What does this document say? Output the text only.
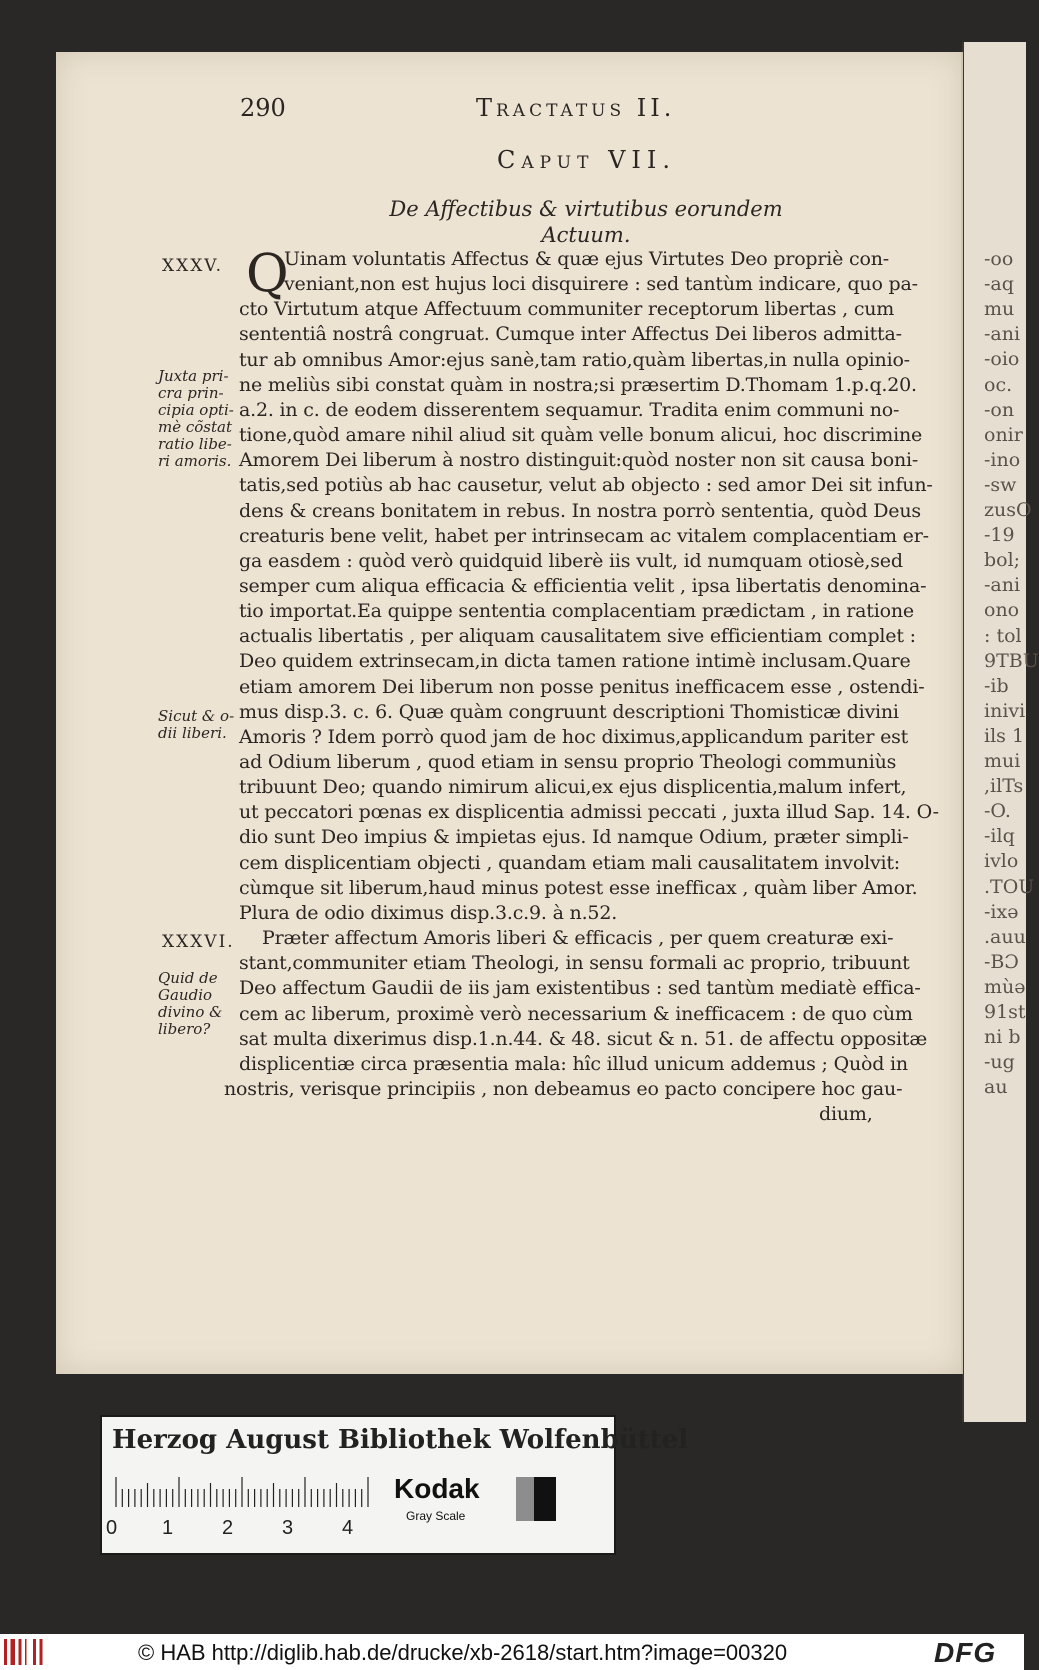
-oo
-aq
mu
-ani
-oio
oc.
-on
onir
-ino
-sw
zusO
-19
bol;
-ani
ono
: tol
9TBU
-ib
inivi
ils 1
mui
,ilTs
-O.
-ilq
ivlo
.TOU
-ixə
.auu
-BƆ
mùə
91st
ni b
-ug
au
290	Tractatus II.
Caput VII.
De Affectibus & virtutibus eorundem Actuum.
XXXV.
XXXVI.
Juxta pri-
cra prin-
cipia opti-
mè cõstat
ratio libe-
ri amoris.
Sicut & o-
dii liberi.
Quid de
Gaudio
divino &
libero?
Q
Uinam voluntatis Affectus & quæ ejus Virtutes Deo propriè con-
veniant,non est hujus loci disquirere : sed tantùm indicare, quo pa-
cto Virtutum atque Affectuum communiter receptorum libertas , cum
sententiâ nostrâ congruat. Cumque inter Affectus Dei liberos admitta-
tur ab omnibus Amor:ejus sanè,tam ratio,quàm libertas,in nulla opinio-
ne meliùs sibi constat quàm in nostra;si præsertim D.Thomam 1.p.q.20.
a.2. in c. de eodem disserentem sequamur. Tradita enim communi no-
tione,quòd amare nihil aliud sit quàm velle bonum alicui, hoc discrimine
Amorem Dei liberum à nostro distinguit:quòd noster non sit causa boni-
tatis,sed potiùs ab hac causetur, velut ab objecto : sed amor Dei sit infun-
dens & creans bonitatem in rebus. In nostra porrò sententia, quòd Deus
creaturis bene velit, habet per intrinsecam ac vitalem complacentiam er-
ga easdem : quòd verò quidquid liberè iis vult, id numquam otiosè,sed
semper cum aliqua efficacia & efficientia velit , ipsa libertatis denomina-
tio importat.Ea quippe sententia complacentiam prædictam , in ratione
actualis libertatis , per aliquam causalitatem sive efficientiam complet :
Deo quidem extrinsecam,in dicta tamen ratione intimè inclusam.Quare
etiam amorem Dei liberum non posse penitus inefficacem esse , ostendi-
mus disp.3. c. 6. Quæ quàm congruunt descriptioni Thomisticæ divini
Amoris ? Idem porrò quod jam de hoc diximus,applicandum pariter est
ad Odium liberum , quod etiam in sensu proprio Theologi communiùs
tribuunt Deo; quando nimirum alicui,ex ejus displicentia,malum infert,
ut peccatori pœnas ex displicentia admissi peccati , juxta illud Sap. 14. O-
dio sunt Deo impius & impietas ejus. Id namque Odium, præter simpli-
cem displicentiam objecti , quandam etiam mali causalitatem involvit:
cùmque sit liberum,haud minus potest esse inefficax , quàm liber Amor.
Plura de odio diximus disp.3.c.9. à n.52.
Præter affectum Amoris liberi & efficacis , per quem creaturæ exi-
stant,communiter etiam Theologi, in sensu formali ac proprio, tribuunt
Deo affectum Gaudii de iis jam existentibus : sed tantùm mediatè effica-
cem ac liberum, proximè verò necessarium & inefficacem : de quo cùm
sat multa dixerimus disp.1.n.44. & 48. sicut & n. 51. de affectu oppositæ
displicentiæ circa præsentia mala: hîc illud unicum addemus ; Quòd in
nostris, verisque principiis , non debeamus eo pacto concipere hoc gau-
dium,
Herzog August Bibliothek Wolfenbüttel
0 1 2 3 4
Kodak
Gray Scale
© HAB http://diglib.hab.de/drucke/xb-2618/start.htm?image=00320	DFG
